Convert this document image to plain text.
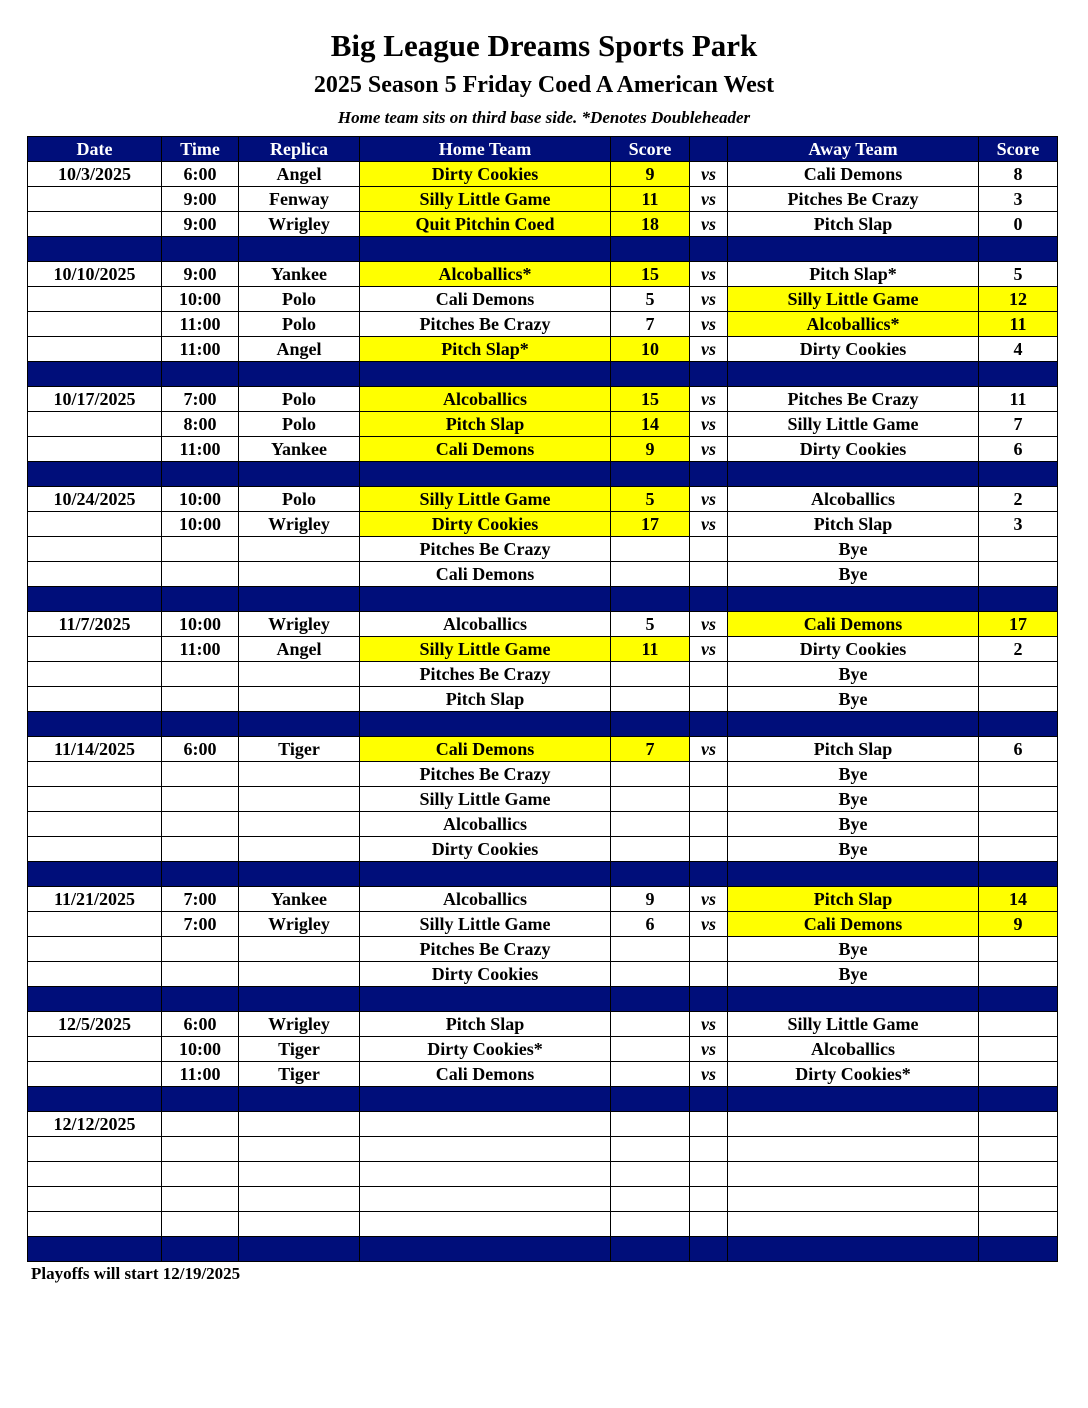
Big League Dreams Sports Park
2025 Season 5 Friday Coed A American West
Home team sits on third base side. *Denotes Doubleheader
Date	Time	Replica	Home Team	Score		Away Team	Score
10/3/2025	6:00	Angel	Dirty Cookies	9	vs	Cali Demons	8
	9:00	Fenway	Silly Little Game	11	vs	Pitches Be Crazy	3
	9:00	Wrigley	Quit Pitchin Coed	18	vs	Pitch Slap	0

10/10/2025	9:00	Yankee	Alcoballics*	15	vs	Pitch Slap*	5
	10:00	Polo	Cali Demons	5	vs	Silly Little Game	12
	11:00	Polo	Pitches Be Crazy	7	vs	Alcoballics*	11
	11:00	Angel	Pitch Slap*	10	vs	Dirty Cookies	4

10/17/2025	7:00	Polo	Alcoballics	15	vs	Pitches Be Crazy	11
	8:00	Polo	Pitch Slap	14	vs	Silly Little Game	7
	11:00	Yankee	Cali Demons	9	vs	Dirty Cookies	6

10/24/2025	10:00	Polo	Silly Little Game	5	vs	Alcoballics	2
	10:00	Wrigley	Dirty Cookies	17	vs	Pitch Slap	3
			Pitches Be Crazy			Bye	
			Cali Demons			Bye	

11/7/2025	10:00	Wrigley	Alcoballics	5	vs	Cali Demons	17
	11:00	Angel	Silly Little Game	11	vs	Dirty Cookies	2
			Pitches Be Crazy			Bye	
			Pitch Slap			Bye	

11/14/2025	6:00	Tiger	Cali Demons	7	vs	Pitch Slap	6
			Pitches Be Crazy			Bye	
			Silly Little Game			Bye	
			Alcoballics			Bye	
			Dirty Cookies			Bye	

11/21/2025	7:00	Yankee	Alcoballics	9	vs	Pitch Slap	14
	7:00	Wrigley	Silly Little Game	6	vs	Cali Demons	9
			Pitches Be Crazy			Bye	
			Dirty Cookies			Bye	

12/5/2025	6:00	Wrigley	Pitch Slap		vs	Silly Little Game	
	10:00	Tiger	Dirty Cookies*		vs	Alcoballics	
	11:00	Tiger	Cali Demons		vs	Dirty Cookies*	

12/12/2025							

Playoffs will start 12/19/2025
